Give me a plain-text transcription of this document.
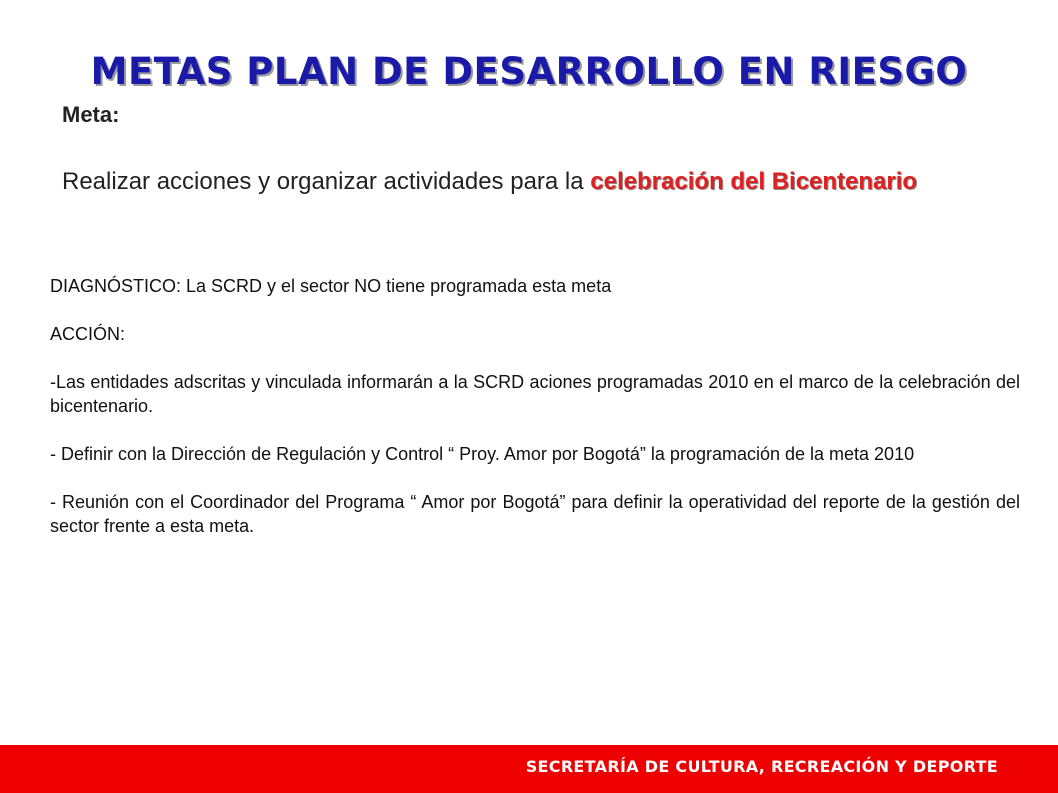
METAS PLAN DE DESARROLLO EN RIESGO
Meta:
Realizar acciones y organizar actividades para la celebración del Bicentenario

DIAGNÓSTICO: La SCRD y el sector NO tiene programada esta meta

ACCIÓN:

-Las entidades adscritas y vinculada informarán a la SCRD aciones programadas 2010 en el marco de la celebración del bicentenario.

- Definir con la Dirección de Regulación y Control “ Proy. Amor por Bogotá” la programación de la meta 2010

- Reunión con el Coordinador del Programa “ Amor por Bogotá” para definir la operatividad del reporte de la gestión del sector frente a esta meta.

SECRETARÍA DE CULTURA, RECREACIÓN Y DEPORTE
